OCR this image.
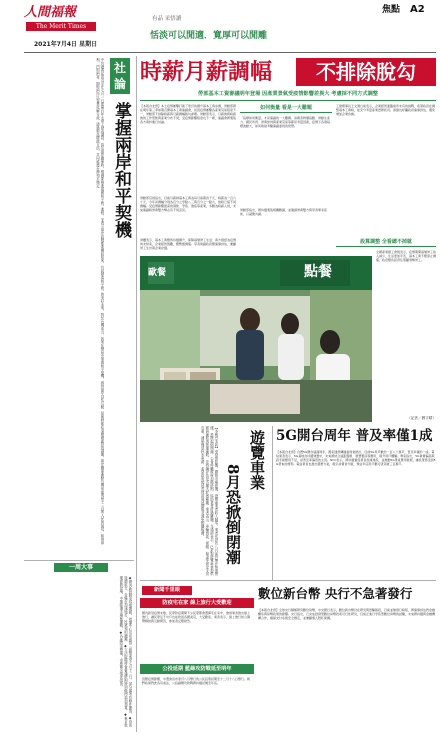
人間福報
The Merit Times
2021年7月4日 星期日
有品 采悟讀
恬淡可以閒適．寬厚可以閒雕
焦點 A2
中共總書記習近平在七月一日建黨百年大會上發表講話，談及兩岸關係時，強調要推進祖國和平統一進程，並表示兩岸同胞都要團結起來，共同創造和平統一的美好未來。對於台灣而言，如何在變局中掌握和平契機，維持兩岸良性互動，是朝野都必須嚴肅面對的課題。兩岸關係牽動台灣前途與兩千三百萬人民的福祉，和則兩利，鬥則兩害。期盼兩岸以智慧化解分歧，透過對話增進互信，共同維護台海和平穩定。	社
論
掌握兩岸和平契機
一周大事
◆國內新冠肺炎疫情趨緩，指揮中心宣布維持三級警戒至七月十二日，部分場所有條件開放。◆疫苗陸續抵台，各縣市加速施打，民眾預約踴躍。◆立法院臨時會審議紓困特別條例追加預算。◆東京奧運即將登場，中華隊選手積極備戰。◆各地防汛整備，水庫蓄水情況改善。
時薪月薪調幅	不排除脫勾
勞部基本工資審議明年登場 因產業景氣受疫情影響差異大 考慮採不同方式調整
【本報台北訊】本土疫情衝擊打亂了原訂的調升基本工資步調，勞動部將在明年第三季如期召開基本工資審議會，但因疫情衝擊各產業景氣程度不一，勞動部不排除時薪與月薪調幅脫勾處理。勞動部表示，月薪族與時薪族的工作型態與產業分布不同，受疫情影響程度也不一樣，審議會將蒐集各方資料進行討論。
勞動部官員指出，目前月薪制基本工資為每月兩萬四千元，時薪為一百六十元，今年初調幅分別為百分之零點八三與百分之一點九，當時已採不同調幅。受疫情影響最深的餐飲、零售、旅宿等產業，多數為時薪人員，未來審議時勞資雙方勢必有不同意見。
勞團表示，基本工資應該持續調升，保障基層勞工生活；資方則認為疫情尚未結束，企業經營困難，應暫緩調漲。學者建議政府應審慎評估，兼顧勞工生計與企業存續。
如何衡量 看是一大難題
「指標如何衡量」才是審議的一大難題。消費者物價指數、勞動生產力、國民所得、勞資談判與產業景氣等都是考量因素，疫情下各項指標波動大，如何取捨考驗審議委員的智慧。
勞動部指出，將持續蒐集相關數據，並邀請勞資雙方與學者專家座談，以凝聚共識。
工總理事長王文淵日前表示，企業經營面臨前所未有的挑戰，希望政府在調整基本工資時，能充分考量產業實際狀況。商總也呼籲政府審慎評估，避免增加企業負擔。
設算調整 全看總不掉就
全國產業總工會則表示，疫情期間基層勞工收入減少，生活更加辛苦，基本工資不應停止調漲，政府應負起責任照顧弱勢勞工。
（記者／劉宇晴）
歐餐	點餐
【本報台北訊】受疫情影響，國旅市場停擺，遊覽車業者收入歸零，業者估計若八月前仍無法恢復營運，恐掀起倒閉潮。公會呼籲政府加碼紓困，協助業者度過難關。交通部表示，已針對遊覽車業提供薪資補貼與營運補貼，並持續評估是否擴大紓困範圍。業者表示，車輛貸款、保險、稅金等固定支出沉重，補貼僅是杯水車薪，希望政府能延長貸款展延期限並減免相關稅費。	8月恐掀倒閉潮
遊覽車業 5G開台周年 普及率僅1成
【本報台北訊】台灣5G開台屆滿周年，國家通訊傳播委員會統計，目前5G用戶數約一百八十萬戶，普及率僅約一成。電信業者表示，5G基地台持續建置中，未來將結合遠距醫療、智慧製造等應用，提升用戶體驗。專家指出，5G資費偏高與殺手級應用不足，是普及率偏低的主因。NCC表示，將持續督促業者加速建設，並推動5G垂直應用發展，讓民眾感受到5G帶來的便利。電信業者也推出優惠方案，吸引消費者升級，預估年底用戶數可望突破三百萬戶。
新聞千里眼
防疫宅在家 線上旅行大受歡迎
國內新冠疫情未歇，民眾防疫期間不少民眾都會選擇宅在家中，旅遊業者推出線上旅行，讓民眾足不出戶也能欣賞各國美景，大受歡迎。業者表示，線上旅行結合導覽解說與互動問答，參加者反應熱烈。
公投延期 藍綠攻防戰延至明年
因應疫情影響，中選會宣布原訂八月舉行的公民投票延期至十二月十八日舉行。朝野政黨對此各有看法，公投議題攻防戰將持續延燒至年底。
數位新台幣 央行不急著發行
【本報台北訊】全球央行積極研究數位貨幣，中央銀行表示，數位新台幣仍在研究與實驗階段，目前並無發行時程，將審慎評估對金融體系與貨幣政策的影響。央行指出，已完成批發型數位貨幣技術可行性研究，目前正進行零售型數位貨幣的試驗，未來將持續與金融機構合作，確保支付系統安全穩定，並兼顧個人隱私保護。
